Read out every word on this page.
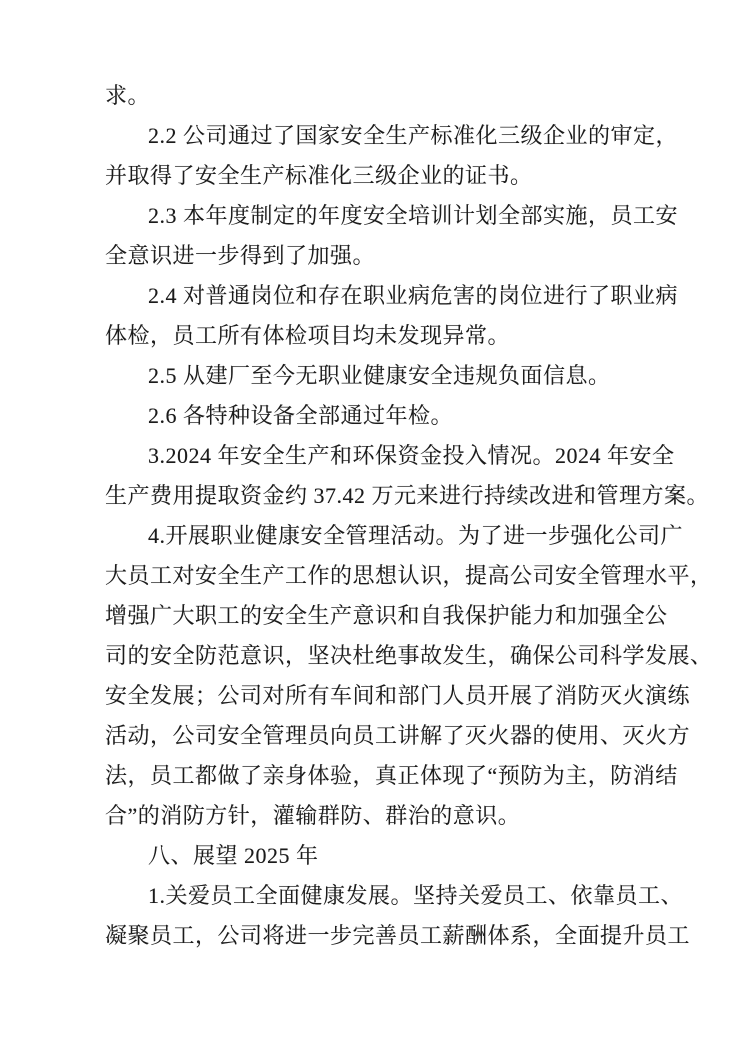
求。
2.2 公司通过了国家安全生产标准化三级企业的审定，
并取得了安全生产标准化三级企业的证书。
2.3 本年度制定的年度安全培训计划全部实施，员工安
全意识进一步得到了加强。
2.4 对普通岗位和存在职业病危害的岗位进行了职业病
体检，员工所有体检项目均未发现异常。
2.5 从建厂至今无职业健康安全违规负面信息。
2.6 各特种设备全部通过年检。
3.2024 年安全生产和环保资金投入情况。2024 年安全
生产费用提取资金约 37.42 万元来进行持续改进和管理方案。
4.开展职业健康安全管理活动。为了进一步强化公司广
大员工对安全生产工作的思想认识，提高公司安全管理水平，
增强广大职工的安全生产意识和自我保护能力和加强全公
司的安全防范意识，坚决杜绝事故发生，确保公司科学发展、
安全发展；公司对所有车间和部门人员开展了消防灭火演练
活动，公司安全管理员向员工讲解了灭火器的使用、灭火方
法，员工都做了亲身体验，真正体现了“预防为主，防消结
合”的消防方针，灌输群防、群治的意识。
八、展望 2025 年
1.关爱员工全面健康发展。坚持关爱员工、依靠员工、
凝聚员工，公司将进一步完善员工薪酬体系，全面提升员工
